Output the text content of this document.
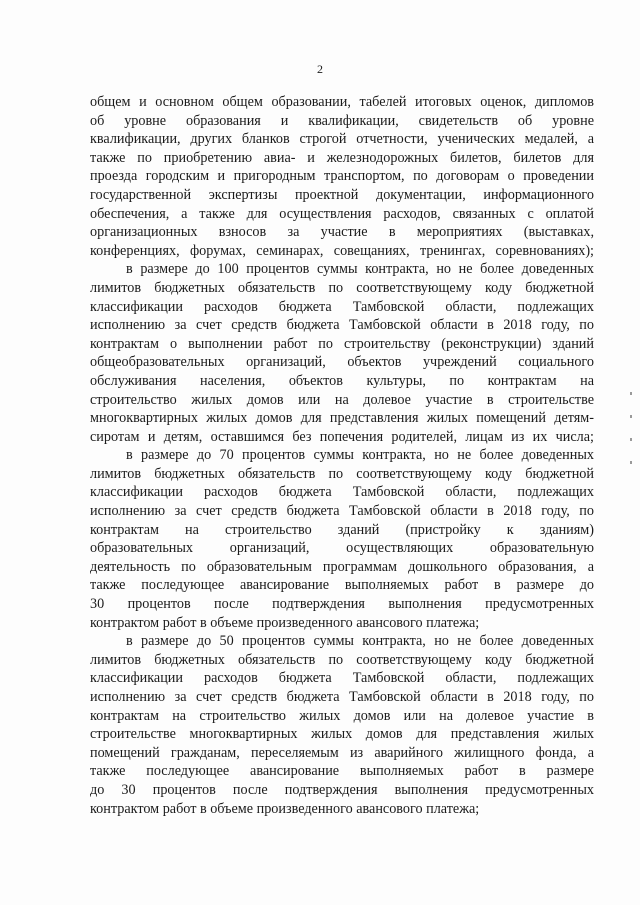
2
общем и основном общем образовании, табелей итоговых оценок, дипломов
об уровне образования и квалификации, свидетельств об уровне
квалификации, других бланков строгой отчетности, ученических медалей, а
также по приобретению авиа- и железнодорожных билетов, билетов для
проезда городским и пригородным транспортом, по договорам о проведении
государственной экспертизы проектной документации, информационного
обеспечения, а также для осуществления расходов, связанных с оплатой
организационных взносов за участие в мероприятиях (выставках,
конференциях, форумах, семинарах, совещаниях, тренингах, соревнованиях);
в размере до 100 процентов суммы контракта, но не более доведенных
лимитов бюджетных обязательств по соответствующему коду бюджетной
классификации расходов бюджета Тамбовской области, подлежащих
исполнению за счет средств бюджета Тамбовской области в 2018 году, по
контрактам о выполнении работ по строительству (реконструкции) зданий
общеобразовательных организаций, объектов учреждений социального
обслуживания населения, объектов культуры, по контрактам на
строительство жилых домов или на долевое участие в строительстве
многоквартирных жилых домов для представления жилых помещений детям-
сиротам и детям, оставшимся без попечения родителей, лицам из их числа;
в размере до 70 процентов суммы контракта, но не более доведенных
лимитов бюджетных обязательств по соответствующему коду бюджетной
классификации расходов бюджета Тамбовской области, подлежащих
исполнению за счет средств бюджета Тамбовской области в 2018 году, по
контрактам на строительство зданий (пристройку к зданиям)
образовательных организаций, осуществляющих образовательную
деятельность по образовательным программам дошкольного образования, а
также последующее авансирование выполняемых работ в размере до
30 процентов после подтверждения выполнения предусмотренных
контрактом работ в объеме произведенного авансового платежа;
в размере до 50 процентов суммы контракта, но не более доведенных
лимитов бюджетных обязательств по соответствующему коду бюджетной
классификации расходов бюджета Тамбовской области, подлежащих
исполнению за счет средств бюджета Тамбовской области в 2018 году, по
контрактам на строительство жилых домов или на долевое участие в
строительстве многоквартирных жилых домов для представления жилых
помещений гражданам, переселяемым из аварийного жилищного фонда, а
также последующее авансирование выполняемых работ в размере
до 30 процентов после подтверждения выполнения предусмотренных
контрактом работ в объеме произведенного авансового платежа;
